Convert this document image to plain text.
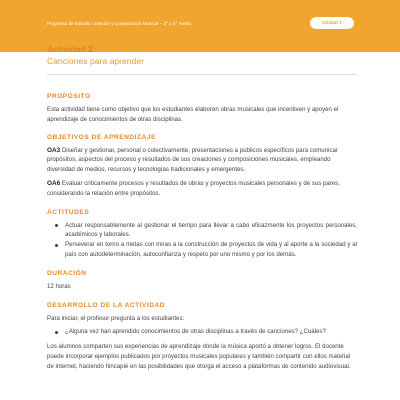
Programa de Estudio Creación y Composición Musical – 3° o 4° medio	Unidad 1
Actividad 2:
Canciones para aprender
PROPÓSITO

Esta actividad tiene como objetivo que los estudiantes elaboren obras musicales que incentiven y apoyen el aprendizaje de conocimientos de otras disciplinas.

OBJETIVOS DE APRENDIZAJE

OA3 Diseñar y gestionar, personal o colectivamente, presentaciones a públicos específicos para comunicar propósitos, aspectos del proceso y resultados de sus creaciones y composiciones musicales, empleando diversidad de medios, recursos y tecnologías tradicionales y emergentes.

OA6 Evaluar críticamente procesos y resultados de obras y proyectos musicales personales y de sus pares, considerando la relación entre propósitos.

ACTITUDES
Actuar responsablemente al gestionar el tiempo para llevar a cabo eficazmente los proyectos personales, académicos y laborales.
Perseverar en torno a metas con miras a la construcción de proyectos de vida y al aporte a la sociedad y al país con autodeterminación, autoconfianza y respeto por uno mismo y por los demás.
DURACIÓN

12 horas

DESARROLLO DE LA ACTIVIDAD

Para iniciar, el profesor pregunta a los estudiantes:

¿Alguna vez han aprendido conocimientos de otras disciplinas a través de canciones? ¿Cuáles?

Los alumnos comparten sus experiencias de aprendizaje donde la música aportó a obtener logros. El docente puede incorporar ejemplos publicados por proyectos musicales populares y también compartir con ellos material de internet, haciendo hincapié en las posibilidades que otorga el acceso a plataformas de contenido audiovisual.
